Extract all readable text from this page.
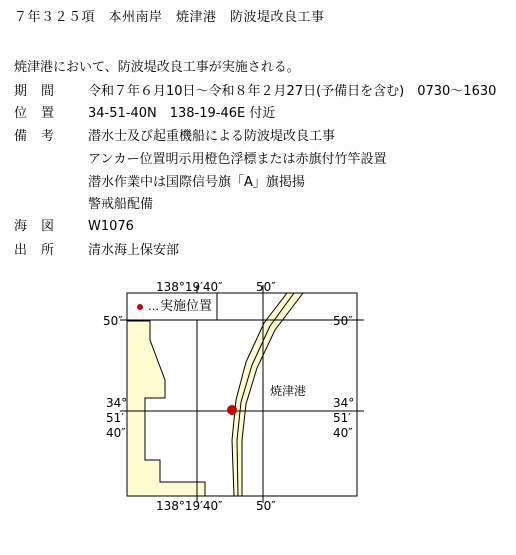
７年３２５項　本州南岸　焼津港　防波堤改良工事
焼津港において、防波堤改良工事が実施される。
期間 令和７年６月10日～令和８年２月27日(予備日を含む)　0730～1630
位置 34-51-40N　138-19-46E 付近
備考 潜水士及び起重機船による防波堤改良工事
アンカー位置明示用橙色浮標または赤旗付竹竿設置
潜水作業中は国際信号旗「A」旗掲揚
警戒船配備
海図 W1076
出所 清水海上保安部
138°19′40″	50″
138°19′40″	50″
50″	50″
34°
51′
40″
34°
51′
40″
焼津港
… 実施位置
